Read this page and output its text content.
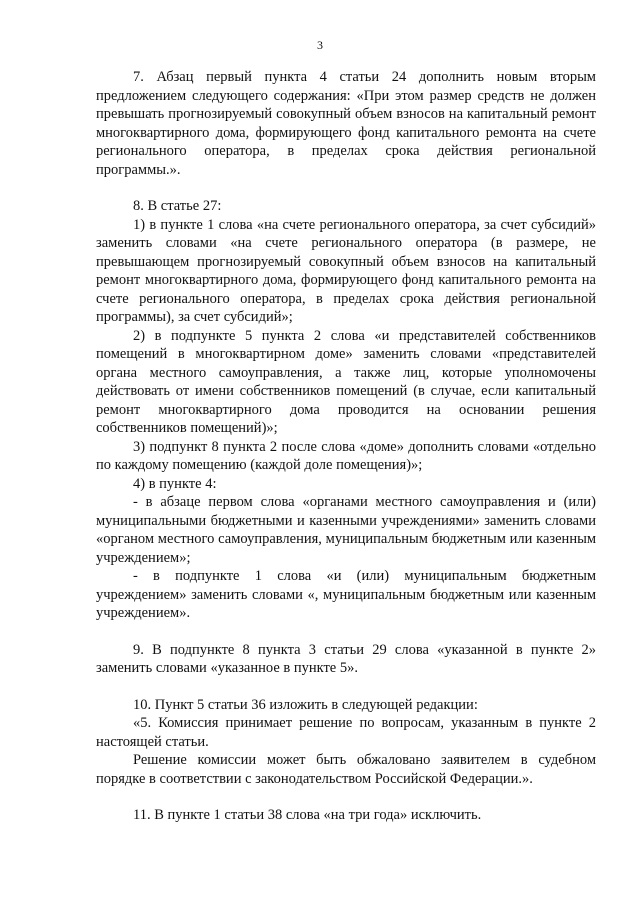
3

7. Абзац первый пункта 4 статьи 24 дополнить новым вторым предложением следующего содержания: «При этом размер средств не должен превышать прогнозируемый совокупный объем взносов на капитальный ремонт многоквартирного дома, формирующего фонд капитального ремонта на счете регионального оператора, в пределах срока действия региональной программы.».

8. В статье 27:

1) в пункте 1 слова «на счете регионального оператора, за счет субсидий» заменить словами «на счете регионального оператора (в размере, не превышающем прогнозируемый совокупный объем взносов на капитальный ремонт многоквартирного дома, формирующего фонд капитального ремонта на счете регионального оператора, в пределах срока действия региональной программы), за счет субсидий»;

2) в подпункте 5 пункта 2 слова «и представителей собственников помещений в многоквартирном доме» заменить словами «представителей органа местного самоуправления, а также лиц, которые уполномочены действовать от имени собственников помещений (в случае, если капитальный ремонт многоквартирного дома проводится на основании решения собственников помещений)»;

3) подпункт 8 пункта 2 после слова «доме» дополнить словами «отдельно по каждому помещению (каждой доле помещения)»;

4) в пункте 4:

- в абзаце первом слова «органами местного самоуправления и (или) муниципальными бюджетными и казенными учреждениями» заменить словами «органом местного самоуправления, муниципальным бюджетным или казенным учреждением»;

- в подпункте 1 слова «и (или) муниципальным бюджетным учреждением» заменить словами «, муниципальным бюджетным или казенным учреждением».

9. В подпункте 8 пункта 3 статьи 29 слова «указанной в пункте 2» заменить словами «указанное в пункте 5».

10. Пункт 5 статьи 36 изложить в следующей редакции:

«5. Комиссия принимает решение по вопросам, указанным в пункте 2 настоящей статьи.

Решение комиссии может быть обжаловано заявителем в судебном порядке в соответствии с законодательством Российской Федерации.».

11. В пункте 1 статьи 38 слова «на три года» исключить.
